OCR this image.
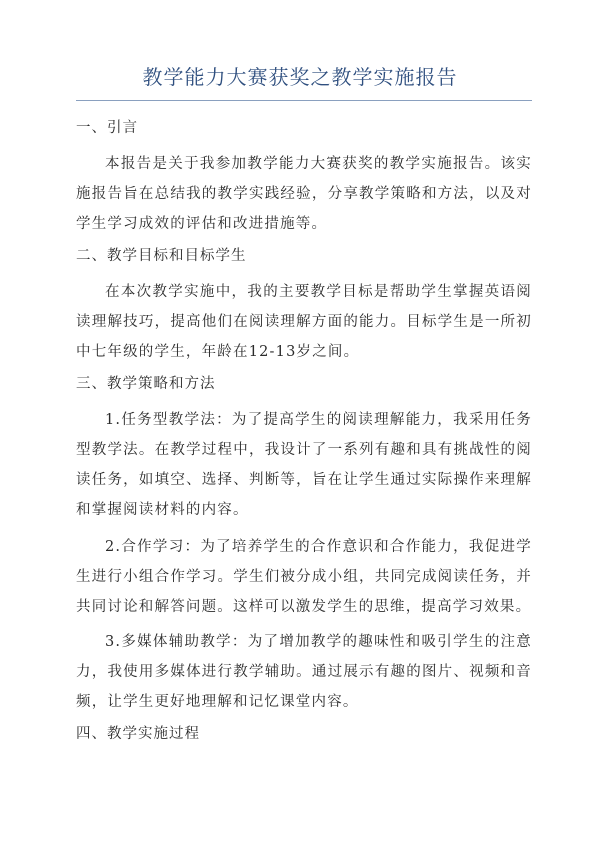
教学能力大赛获奖之教学实施报告
一、引言

本报告是关于我参加教学能力大赛获奖的教学实施报告。该实施报告旨在总结我的教学实践经验，分享教学策略和方法，以及对学生学习成效的评估和改进措施等。

二、教学目标和目标学生

在本次教学实施中，我的主要教学目标是帮助学生掌握英语阅读理解技巧，提高他们在阅读理解方面的能力。目标学生是一所初中七年级的学生，年龄在12-13岁之间。

三、教学策略和方法

1.任务型教学法：为了提高学生的阅读理解能力，我采用任务型教学法。在教学过程中，我设计了一系列有趣和具有挑战性的阅读任务，如填空、选择、判断等，旨在让学生通过实际操作来理解和掌握阅读材料的内容。

2.合作学习：为了培养学生的合作意识和合作能力，我促进学生进行小组合作学习。学生们被分成小组，共同完成阅读任务，并共同讨论和解答问题。这样可以激发学生的思维，提高学习效果。

3.多媒体辅助教学：为了增加教学的趣味性和吸引学生的注意力，我使用多媒体进行教学辅助。通过展示有趣的图片、视频和音频，让学生更好地理解和记忆课堂内容。

四、教学实施过程
